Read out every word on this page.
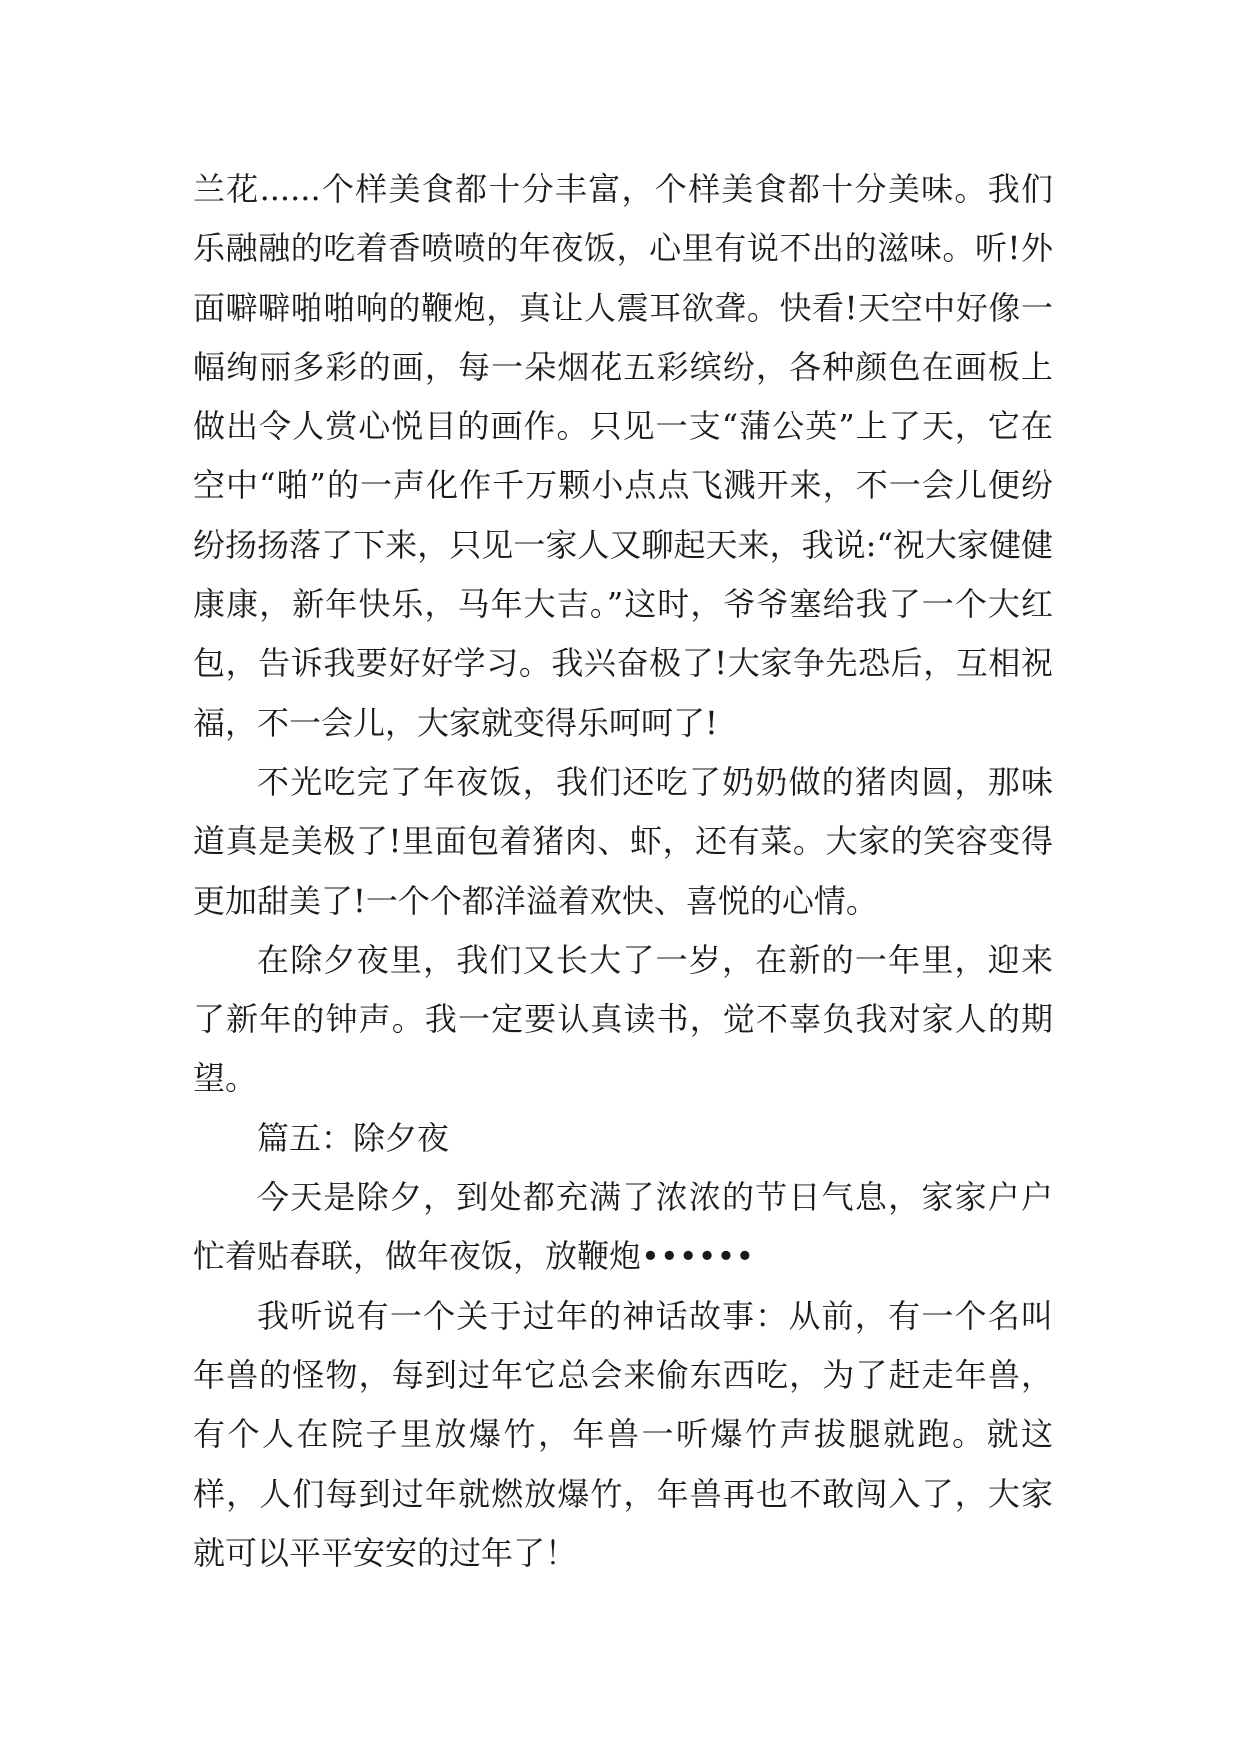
兰花......个样美食都十分丰富，个样美食都十分美味。我们乐融融的吃着香喷喷的年夜饭，心里有说不出的滋味。听!外面噼噼啪啪响的鞭炮，真让人震耳欲聋。快看!天空中好像一幅绚丽多彩的画，每一朵烟花五彩缤纷，各种颜色在画板上做出令人赏心悦目的画作。只见一支“蒲公英”上了天，它在空中“啪”的一声化作千万颗小点点飞溅开来，不一会儿便纷纷扬扬落了下来，只见一家人又聊起天来，我说:“祝大家健健康康，新年快乐，马年大吉。”这时，爷爷塞给我了一个大红包，告诉我要好好学习。我兴奋极了!大家争先恐后，互相祝福，不一会儿，大家就变得乐呵呵了!

不光吃完了年夜饭，我们还吃了奶奶做的猪肉圆，那味道真是美极了!里面包着猪肉、虾，还有菜。大家的笑容变得更加甜美了!一个个都洋溢着欢快、喜悦的心情。

在除夕夜里，我们又长大了一岁，在新的一年里，迎来了新年的钟声。我一定要认真读书，觉不辜负我对家人的期望。

篇五：除夕夜

今天是除夕，到处都充满了浓浓的节日气息，家家户户忙着贴春联，做年夜饭，放鞭炮••••••

我听说有一个关于过年的神话故事：从前，有一个名叫年兽的怪物，每到过年它总会来偷东西吃，为了赶走年兽，有个人在院子里放爆竹，年兽一听爆竹声拔腿就跑。就这样，人们每到过年就燃放爆竹，年兽再也不敢闯入了，大家就可以平平安安的过年了！
